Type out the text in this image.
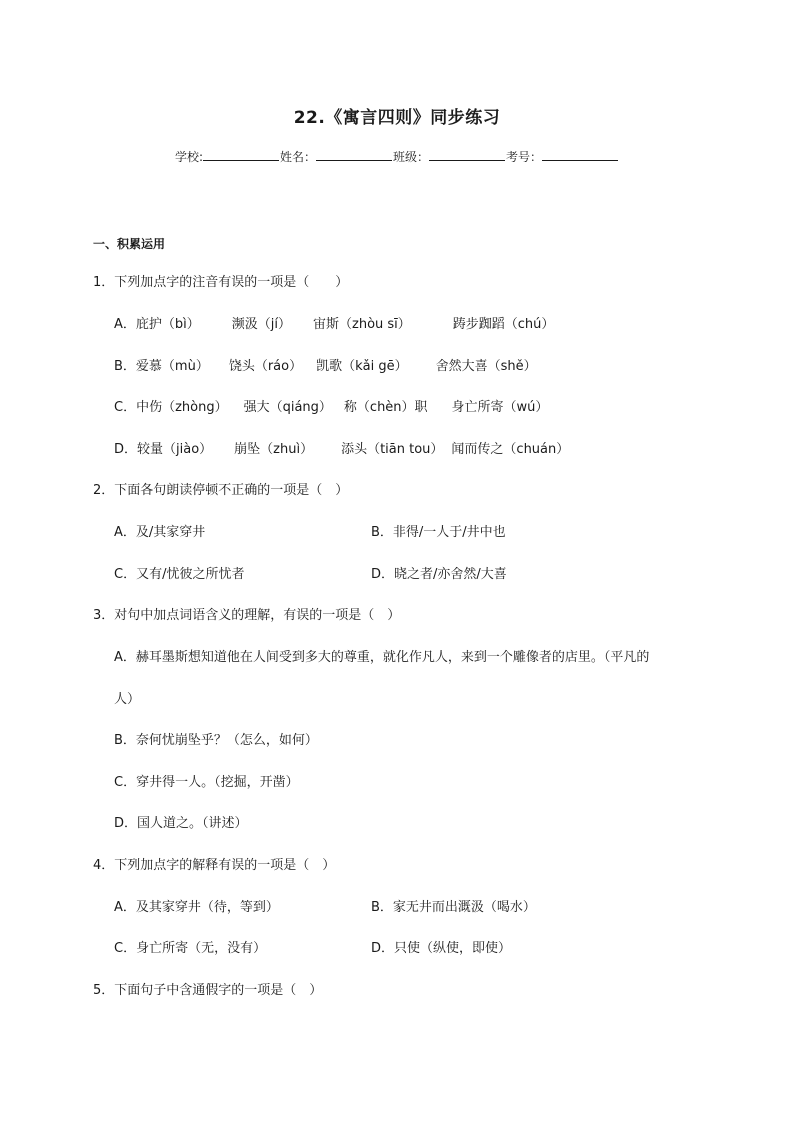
22.《寓言四则》同步练习
学校:	姓名：	班级：	考号：
一、积累运用
1．下列加点字的注音有误的一项是（　　）
A．庇护（bì） 濒汲（jí） 宙斯（zhòu sī）	踌步踟蹈（chú）
B．爱慕（mù） 饶头（ráo） 凯歌（kǎi gē） 舍然大喜（shě）
C．中伤（zhòng） 强大（qiáng） 称（chèn）职 身亡所寄（wú）
D．较量（jiào） 崩坠（zhuì） 添头（tiān tou） 闻而传之（chuán）
2．下面各句朗读停顿不正确的一项是（　）
A．及/其家穿井	B．非得/一人于/井中也
C．又有/忧彼之所忧者	D．晓之者/亦舍然/大喜
3．对句中加点词语含义的理解，有误的一项是（　）
A．赫耳墨斯想知道他在人间受到多大的尊重，就化作凡人，来到一个雕像者的店里。（平凡的
人）
B．奈何忧崩坠乎？（怎么，如何）
C．穿井得一人。（挖掘，开凿）
D．国人道之。（讲述）
4．下列加点字的解释有误的一项是（　）
A．及其家穿井（待，等到）	B．家无井而出溉汲（喝水）
C．身亡所寄（无，没有）	D．只使（纵使，即使）
5．下面句子中含通假字的一项是（　）
